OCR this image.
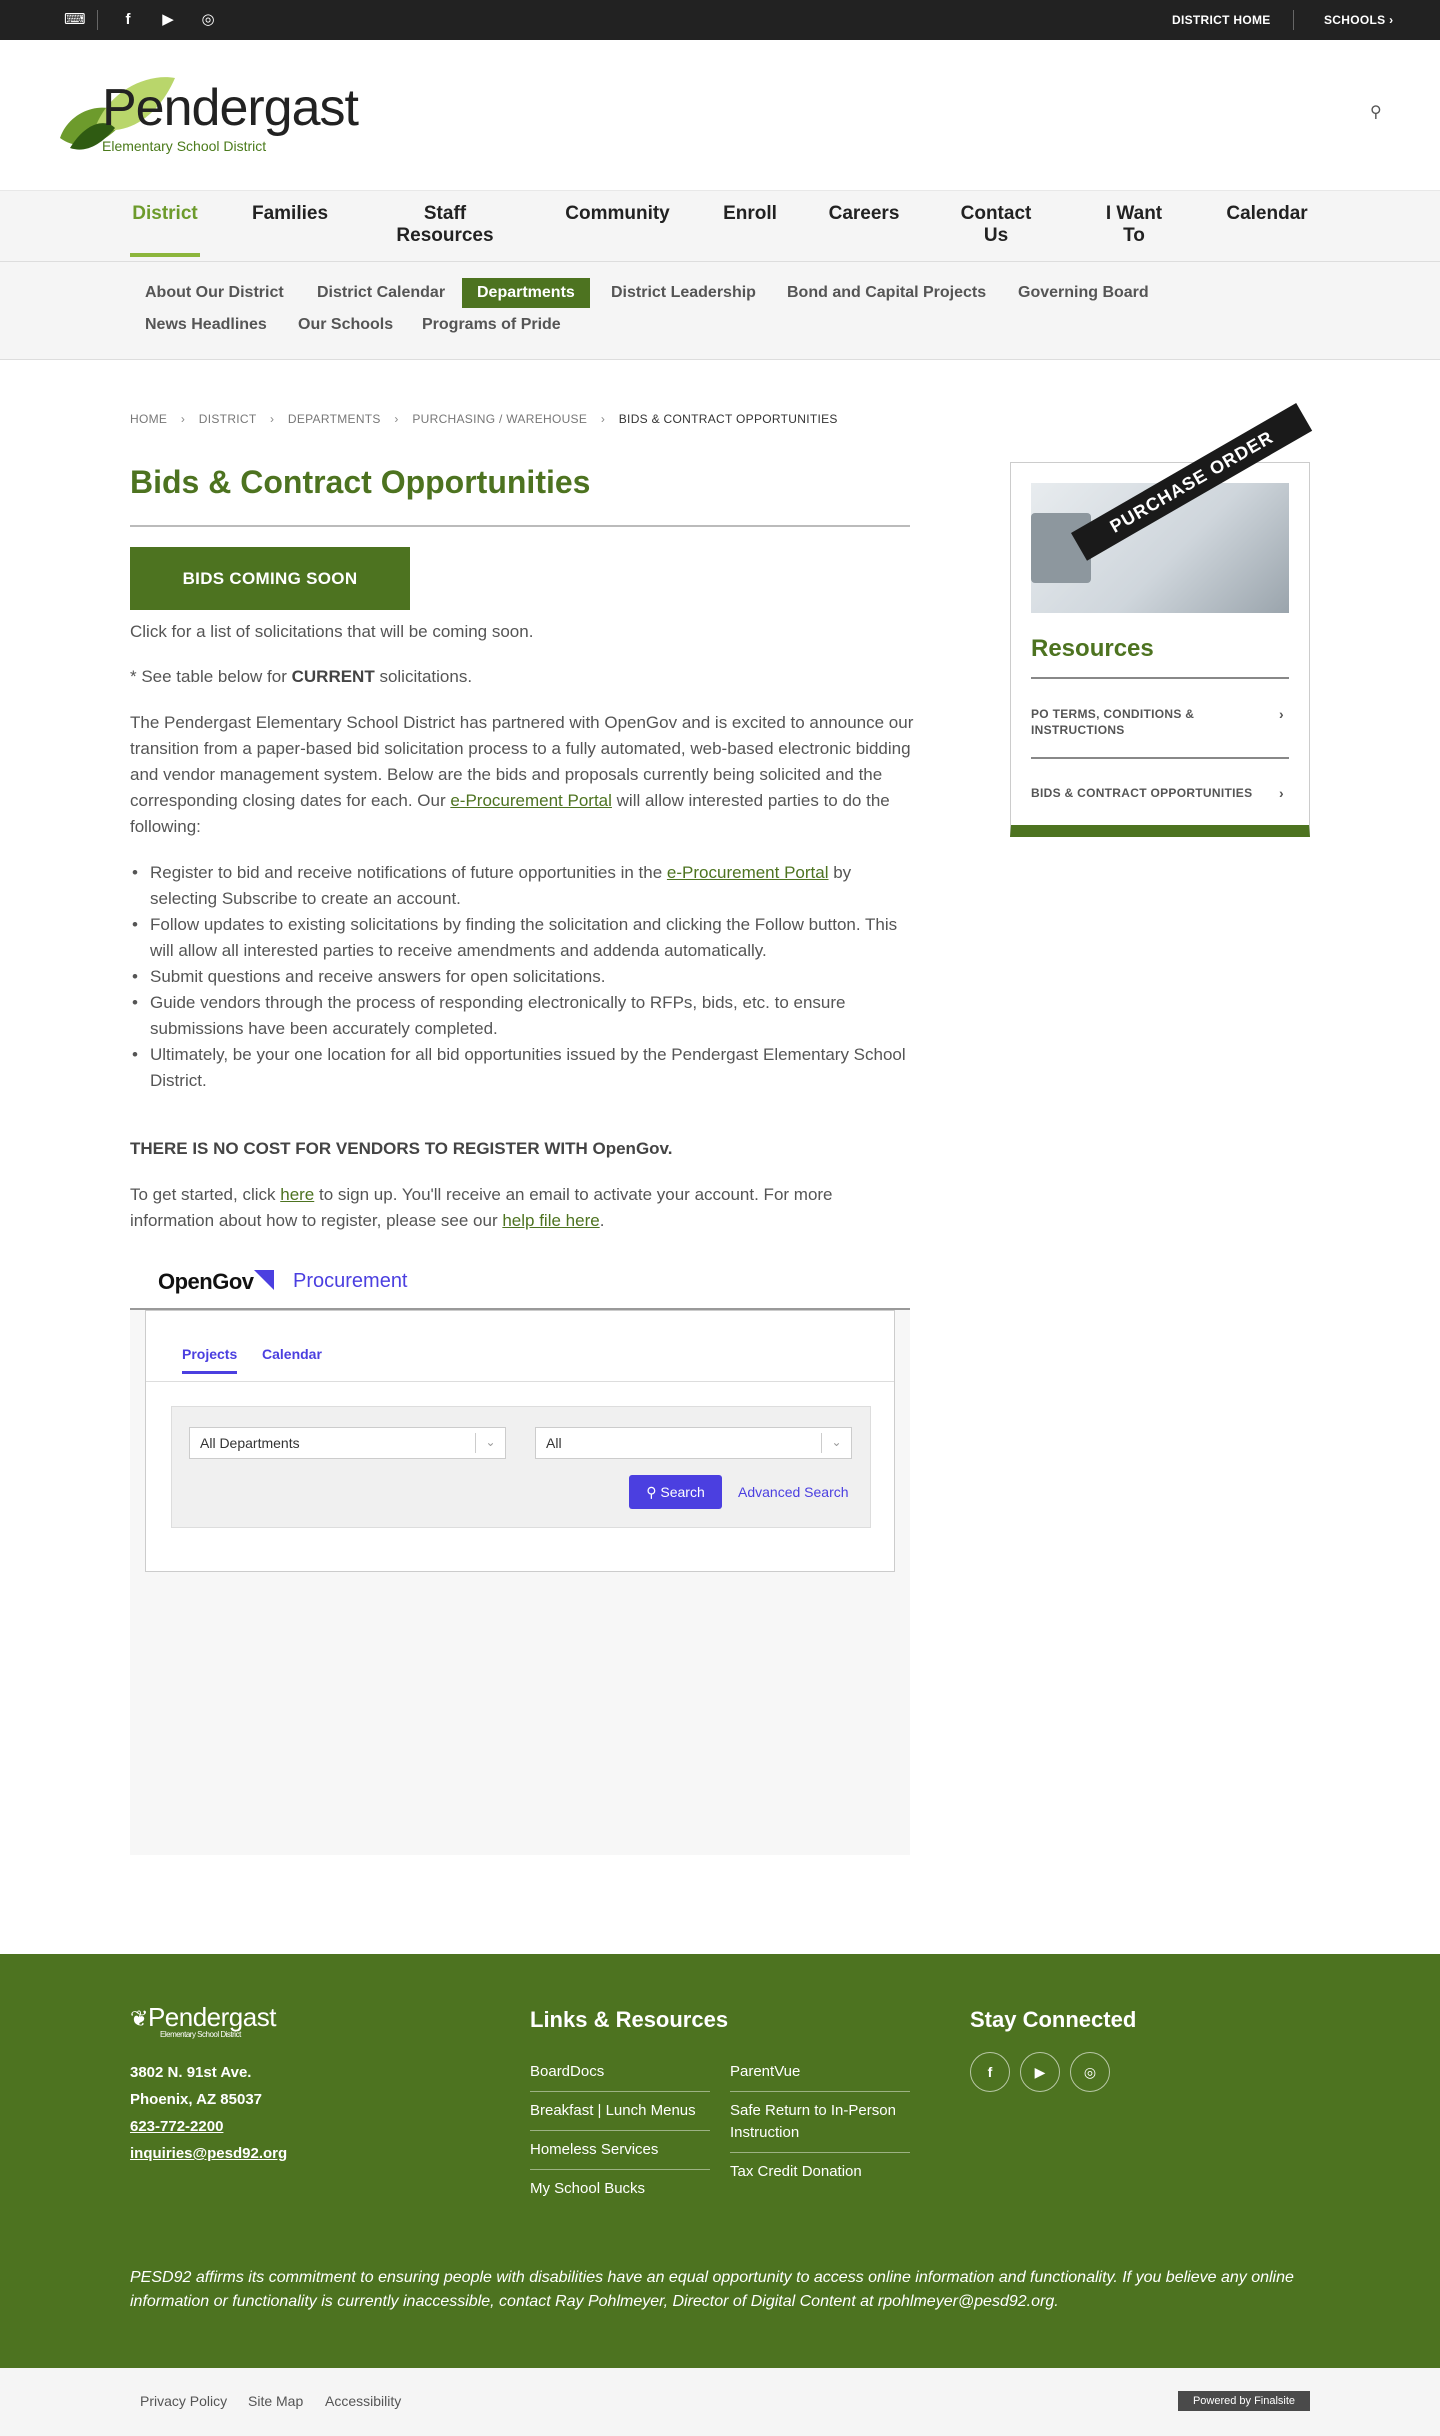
⌨	f	▶ ◎	DISTRICT HOME	SCHOOLS ›
Pendergast
Elementary School District
⚲
District	Families	Staff
Resources
Community	Enroll	Careers	Contact
Us
I Want
To
Calendar
About Our District	District Calendar	Departments	District Leadership	Bond and Capital Projects	Governing Board
News Headlines	Our Schools	Programs of Pride
HOME › DISTRICT › DEPARTMENTS › PURCHASING / WAREHOUSE › BIDS & CONTRACT OPPORTUNITIES
Bids & Contract Opportunities
BIDS COMING SOON

Click for a list of solicitations that will be coming soon.

* See table below for CURRENT solicitations.

The Pendergast Elementary School District has partnered with OpenGov and is excited to announce our transition from a paper-based bid solicitation process to a fully automated, web-based electronic bidding and vendor management system. Below are the bids and proposals currently being solicited and the corresponding closing dates for each. Our e-Procurement Portal will allow interested parties to do the following:

• Register to bid and receive notifications of future opportunities in the e-Procurement Portal by selecting Subscribe to create an account.
• Follow updates to existing solicitations by finding the solicitation and clicking the Follow button. This will allow all interested parties to receive amendments and addenda automatically.
• Submit questions and receive answers for open solicitations.
• Guide vendors through the process of responding electronically to RFPs, bids, etc. to ensure submissions have been accurately completed.
• Ultimately, be your one location for all bid opportunities issued by the Pendergast Elementary School District.

THERE IS NO COST FOR VENDORS TO REGISTER WITH OpenGov.

To get started, click here to sign up. You'll receive an email to activate your account. For more information about how to register, please see our help file here.

OpenGov Procurement
Projects Calendar
All Departments	⌄	All	⌄
⚲ Search	Advanced Search
PURCHASE ORDER
Resources
PO TERMS, CONDITIONS & INSTRUCTIONS
›
BIDS & CONTRACT OPPORTUNITIES ›
❦Pendergast
Elementary School District
3802 N. 91st Ave.
Phoenix, AZ 85037
623-772-2200
inquiries@pesd92.org
Links & Resources
BoardDocs
Breakfast | Lunch Menus
Homeless Services
My School Bucks
ParentVue
Safe Return to In-Person Instruction
Tax Credit Donation
Stay Connected
f	▶	◎

PESD92 affirms its commitment to ensuring people with disabilities have an equal opportunity to access online information and functionality. If you believe any online information or functionality is currently inaccessible, contact Ray Pohlmeyer, Director of Digital Content at rpohlmeyer@pesd92.org.

Privacy Policy Site Map Accessibility	Powered by Finalsite
